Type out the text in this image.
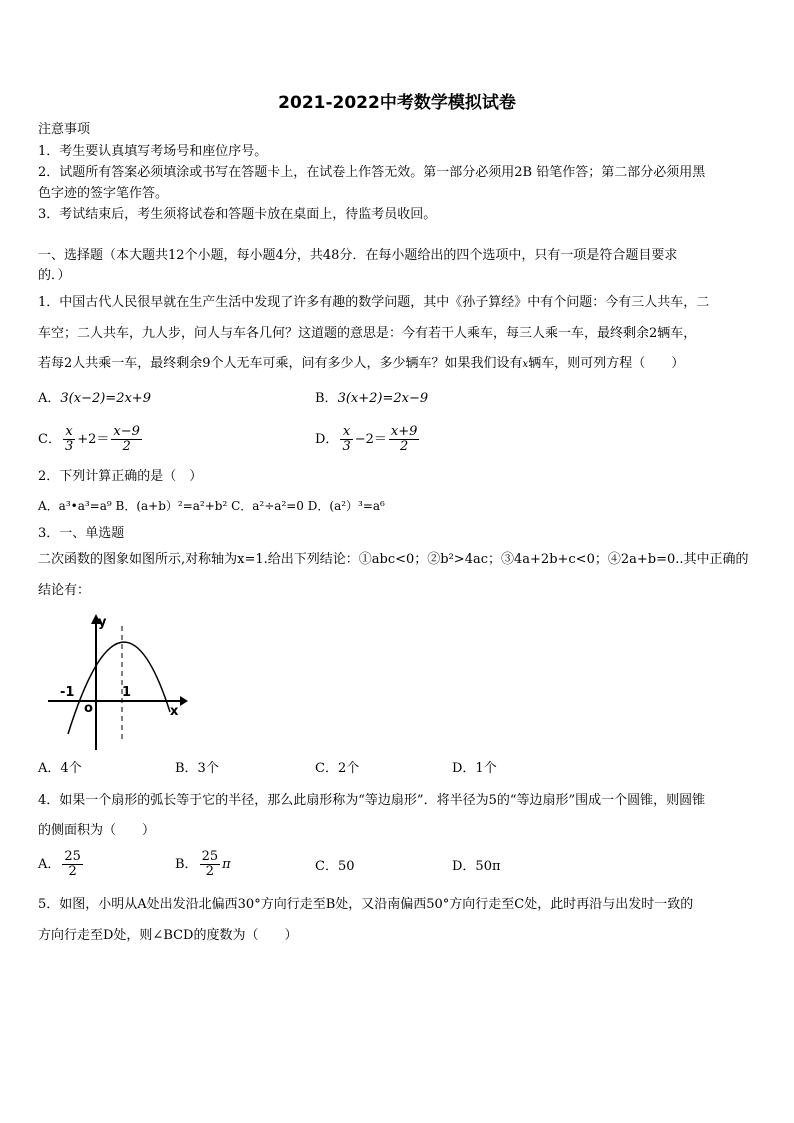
2021-2022中考数学模拟试卷
注意事项
1．考生要认真填写考场号和座位序号。
2．试题所有答案必须填涂或书写在答题卡上，在试卷上作答无效。第一部分必须用2B 铅笔作答；第二部分必须用黑
色字迹的签字笔作答。
3．考试结束后，考生须将试卷和答题卡放在桌面上，待监考员收回。
一、选择题（本大题共12个小题，每小题4分，共48分．在每小题给出的四个选项中，只有一项是符合题目要求
的．）
1．中国古代人民很早就在生产生活中发现了许多有趣的数学问题，其中《孙子算经》中有个问题：今有三人共车，二
车空；二人共车，九人步，问人与车各几何？这道题的意思是：今有若干人乘车，每三人乘一车，最终剩余2辆车，
若每2人共乘一车，最终剩余9个人无车可乘，问有多少人，多少辆车？如果我们设有x辆车，则可列方程（　　）
A．3(x−2)=2x+9	B．3(x+2)=2x−9
C． $\frac{x}{3} +2= \frac{x-9}{2}$	D． $\frac{x}{3} -2= \frac{x+9}{2}$
2．下列计算正确的是（　）
A．a³•a³=a⁹ B．(a+b）²=a²+b² C．a²÷a²=0 D．(a²）³=a⁶
3．一、单选题
二次函数的图象如图所示,对称轴为x=1.给出下列结论：①abc<0；②b²>4ac；③4a+2b+c<0；④2a+b=0..其中正确的
结论有：
y
x
o
-1	1
A．4个	B．3个	C．2个	D．1个
4．如果一个扇形的弧长等于它的半径，那么此扇形称为“等边扇形”．将半径为5的“等边扇形”围成一个圆锥，则圆锥
的侧面积为（　　）
A． $\frac{25}{2}$	B． $\frac{25}{2}$ π	C．50	D．50π
5．如图，小明从A处出发沿北偏西30°方向行走至B处，又沿南偏西50°方向行走至C处，此时再沿与出发时一致的
方向行走至D处，则∠BCD的度数为（　　）
